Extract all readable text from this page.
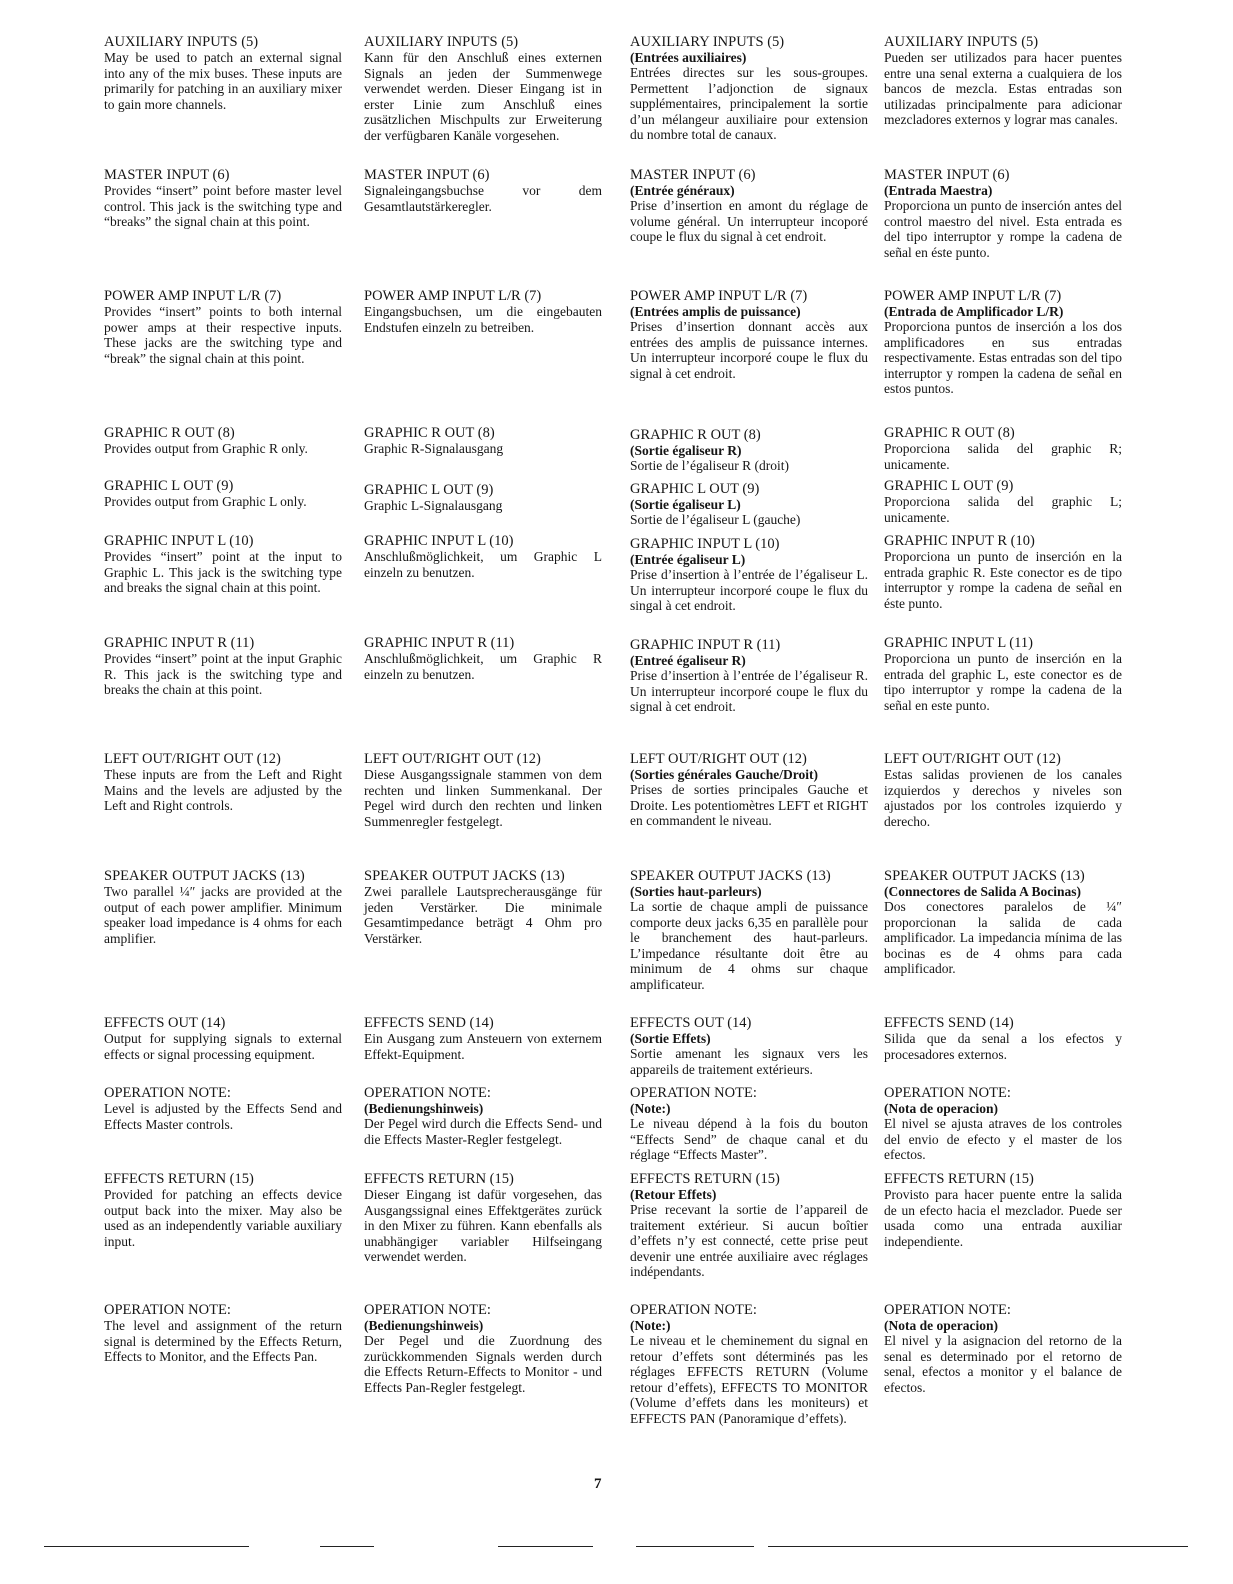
AUXILIARY INPUTS (5)
May be used to patch an external signal into any of the mix buses. These inputs are primarily for patching in an auxiliary mixer to gain more channels.
MASTER INPUT (6)
Provides “insert” point before master level control. This jack is the switching type and “breaks” the signal chain at this point.
POWER AMP INPUT L/R (7)
Provides “insert” points to both internal power amps at their respective inputs. These jacks are the switching type and “break” the signal chain at this point.
GRAPHIC R OUT (8)
Provides output from Graphic R only.
GRAPHIC L OUT (9)
Provides output from Graphic L only.
GRAPHIC INPUT L (10)
Provides “insert” point at the input to Graphic L. This jack is the switching type and breaks the signal chain at this point.
GRAPHIC INPUT R (11)
Provides “insert” point at the input Graphic R. This jack is the switching type and breaks the chain at this point.
LEFT OUT/RIGHT OUT (12)
These inputs are from the Left and Right Mains and the levels are adjusted by the Left and Right controls.
SPEAKER OUTPUT JACKS (13)
Two parallel ¼″ jacks are provided at the output of each power amplifier. Minimum speaker load impedance is 4 ohms for each amplifier.
EFFECTS OUT (14)
Output for supplying signals to external effects or signal processing equipment.
OPERATION NOTE:
Level is adjusted by the Effects Send and Effects Master controls.
EFFECTS RETURN (15)
Provided for patching an effects device output back into the mixer. May also be used as an independently variable auxiliary input.
OPERATION NOTE:
The level and assignment of the return signal is determined by the Effects Return, Effects to Monitor, and the Effects Pan.
AUXILIARY INPUTS (5)
Kann für den Anschluß eines externen Signals an jeden der Summenwege verwendet werden. Dieser Eingang ist in erster Linie zum Anschluß eines zusätzlichen Mischpults zur Erweiterung der verfügbaren Kanäle vorgesehen.
MASTER INPUT (6)
Signaleingangsbuchse vor dem Gesamtlautstärkeregler.
POWER AMP INPUT L/R (7)
Eingangsbuchsen, um die eingebauten Endstufen einzeln zu betreiben.
GRAPHIC R OUT (8)
Graphic R-Signalausgang
GRAPHIC L OUT (9)
Graphic L-Signalausgang
GRAPHIC INPUT L (10)
Anschlußmöglichkeit, um Graphic L einzeln zu benutzen.
GRAPHIC INPUT R (11)
Anschlußmöglichkeit, um Graphic R einzeln zu benutzen.
LEFT OUT/RIGHT OUT (12)
Diese Ausgangssignale stammen von dem rechten und linken Summenkanal. Der Pegel wird durch den rechten und linken Summenregler festgelegt.
SPEAKER OUTPUT JACKS (13)
Zwei parallele Lautsprecherausgänge für jeden Verstärker. Die minimale Gesamtimpedance beträgt 4 Ohm pro Verstärker.
EFFECTS SEND (14)
Ein Ausgang zum Ansteuern von externem Effekt-Equipment.
OPERATION NOTE:
(Bedienungshinweis)
Der Pegel wird durch die Effects Send- und die Effects Master-Regler festgelegt.
EFFECTS RETURN (15)
Dieser Eingang ist dafür vorgesehen, das Ausgangssignal eines Effektgerätes zurück in den Mixer zu führen. Kann ebenfalls als unabhängiger variabler Hilfseingang verwendet werden.
OPERATION NOTE:
(Bedienungshinweis)
Der Pegel und die Zuordnung des zurückkommenden Signals werden durch die Effects Return-Effects to Monitor - und Effects Pan-Regler festgelegt.
AUXILIARY INPUTS (5)
(Entrées auxiliaires)
Entrées directes sur les sous-groupes. Permettent l’adjonction de signaux supplémentaires, principalement la sortie d’un mélangeur auxiliaire pour extension du nombre total de canaux.
MASTER INPUT (6)
(Entrée généraux)
Prise d’insertion en amont du réglage de volume général. Un interrupteur incoporé coupe le flux du signal à cet endroit.
POWER AMP INPUT L/R (7)
(Entrées amplis de puissance)
Prises d’insertion donnant accès aux entrées des amplis de puissance internes. Un interrupteur incorporé coupe le flux du signal à cet endroit.
GRAPHIC R OUT (8)
(Sortie égaliseur R)
Sortie de l’égaliseur R (droit)
GRAPHIC L OUT (9)
(Sortie égaliseur L)
Sortie de l’égaliseur L (gauche)
GRAPHIC INPUT L (10)
(Entrée égaliseur L)
Prise d’insertion à l’entrée de l’égaliseur L. Un interrupteur incorporé coupe le flux du singal à cet endroit.
GRAPHIC INPUT R (11)
(Entreé égaliseur R)
Prise d’insertion à l’entrée de l’égaliseur R. Un interrupteur incorporé coupe le flux du signal à cet endroit.
LEFT OUT/RIGHT OUT (12)
(Sorties générales Gauche/Droit)
Prises de sorties principales Gauche et Droite. Les potentiomètres LEFT et RIGHT en commandent le niveau.
SPEAKER OUTPUT JACKS (13)
(Sorties haut-parleurs)
La sortie de chaque ampli de puissance comporte deux jacks 6,35 en parallèle pour le branchement des haut-parleurs. L’impedance résultante doit être au minimum de 4 ohms sur chaque amplificateur.
EFFECTS OUT (14)
(Sortie Effets)
Sortie amenant les signaux vers les appareils de traitement extérieurs.
OPERATION NOTE:
(Note:)
Le niveau dépend à la fois du bouton “Effects Send” de chaque canal et du réglage “Effects Master”.
EFFECTS RETURN (15)
(Retour Effets)
Prise recevant la sortie de l’appareil de traitement extérieur. Si aucun boîtier d’effets n’y est connecté, cette prise peut devenir une entrée auxiliaire avec réglages indépendants.
OPERATION NOTE:
(Note:)
Le niveau et le cheminement du signal en retour d’effets sont déterminés pas les réglages EFFECTS RETURN (Volume retour d’effets), EFFECTS TO MONITOR (Volume d’effets dans les moniteurs) et EFFECTS PAN (Panoramique d’effets).
AUXILIARY INPUTS (5)
Pueden ser utilizados para hacer puentes entre una senal externa a cualquiera de los bancos de mezcla. Estas entradas son utilizadas principalmente para adicionar mezcladores externos y lograr mas canales.
MASTER INPUT (6)
(Entrada Maestra)
Proporciona un punto de inserción antes del control maestro del nivel. Esta entrada es del tipo interruptor y rompe la cadena de señal en éste punto.
POWER AMP INPUT L/R (7)
(Entrada de Amplificador L/R)
Proporciona puntos de inserción a los dos amplificadores en sus entradas respectivamente. Estas entradas son del tipo interruptor y rompen la cadena de señal en estos puntos.
GRAPHIC R OUT (8)
Proporciona salida del graphic R; unicamente.
GRAPHIC L OUT (9)
Proporciona salida del graphic L; unicamente.
GRAPHIC INPUT R (10)
Proporciona un punto de inserción en la entrada graphic R. Este conector es de tipo interruptor y rompe la cadena de señal en éste punto.
GRAPHIC INPUT L (11)
Proporciona un punto de inserción en la entrada del graphic L, este conector es de tipo interruptor y rompe la cadena de la señal en este punto.
LEFT OUT/RIGHT OUT (12)
Estas salidas provienen de los canales izquierdos y derechos y niveles son ajustados por los controles izquierdo y derecho.
SPEAKER OUTPUT JACKS (13)
(Connectores de Salida A Bocinas)
Dos conectores paralelos de ¼″ proporcionan la salida de cada amplificador. La impedancia mínima de las bocinas es de 4 ohms para cada amplificador.
EFFECTS SEND (14)
Silida que da senal a los efectos y procesadores externos.
OPERATION NOTE:
(Nota de operacion)
El nivel se ajusta atraves de los controles del envio de efecto y el master de los efectos.
EFFECTS RETURN (15)
Provisto para hacer puente entre la salida de un efecto hacia el mezclador. Puede ser usada como una entrada auxiliar independiente.
OPERATION NOTE:
(Nota de operacion)
El nivel y la asignacion del retorno de la senal es determinado por el retorno de senal, efectos a monitor y el balance de efectos.
7
